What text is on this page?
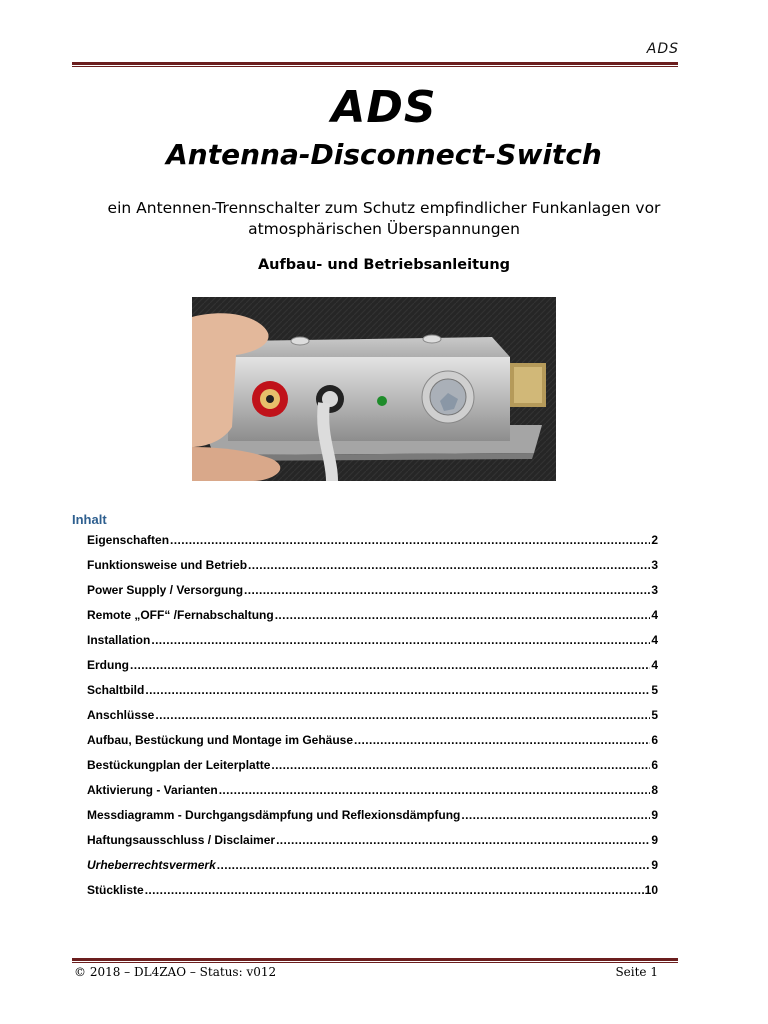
ADS
ADS
Antenna-Disconnect-Switch
ein Antennen-Trennschalter zum Schutz empfindlicher Funkanlagen vor atmosphärischen Überspannungen
Aufbau- und Betriebsanleitung
Inhalt
Eigenschaften .....	2
Funktionsweise und Betrieb .....	3
Power Supply / Versorgung .....	3
Remote „OFF“ /Fernabschaltung .....	4
Installation .....	4
Erdung .....	4
Schaltbild .....	5
Anschlüsse .....	5
Aufbau, Bestückung und Montage im Gehäuse .....	6
Bestückungplan der Leiterplatte .....	6
Aktivierung - Varianten .....	8
Messdiagramm - Durchgangsdämpfung und Reflexionsdämpfung .....	9
Haftungsausschluss / Disclaimer .....	9
Urheberrechtsvermerk .....	9
Stückliste .....	10
© 2018 – DL4ZAO – Status: v012	Seite 1
